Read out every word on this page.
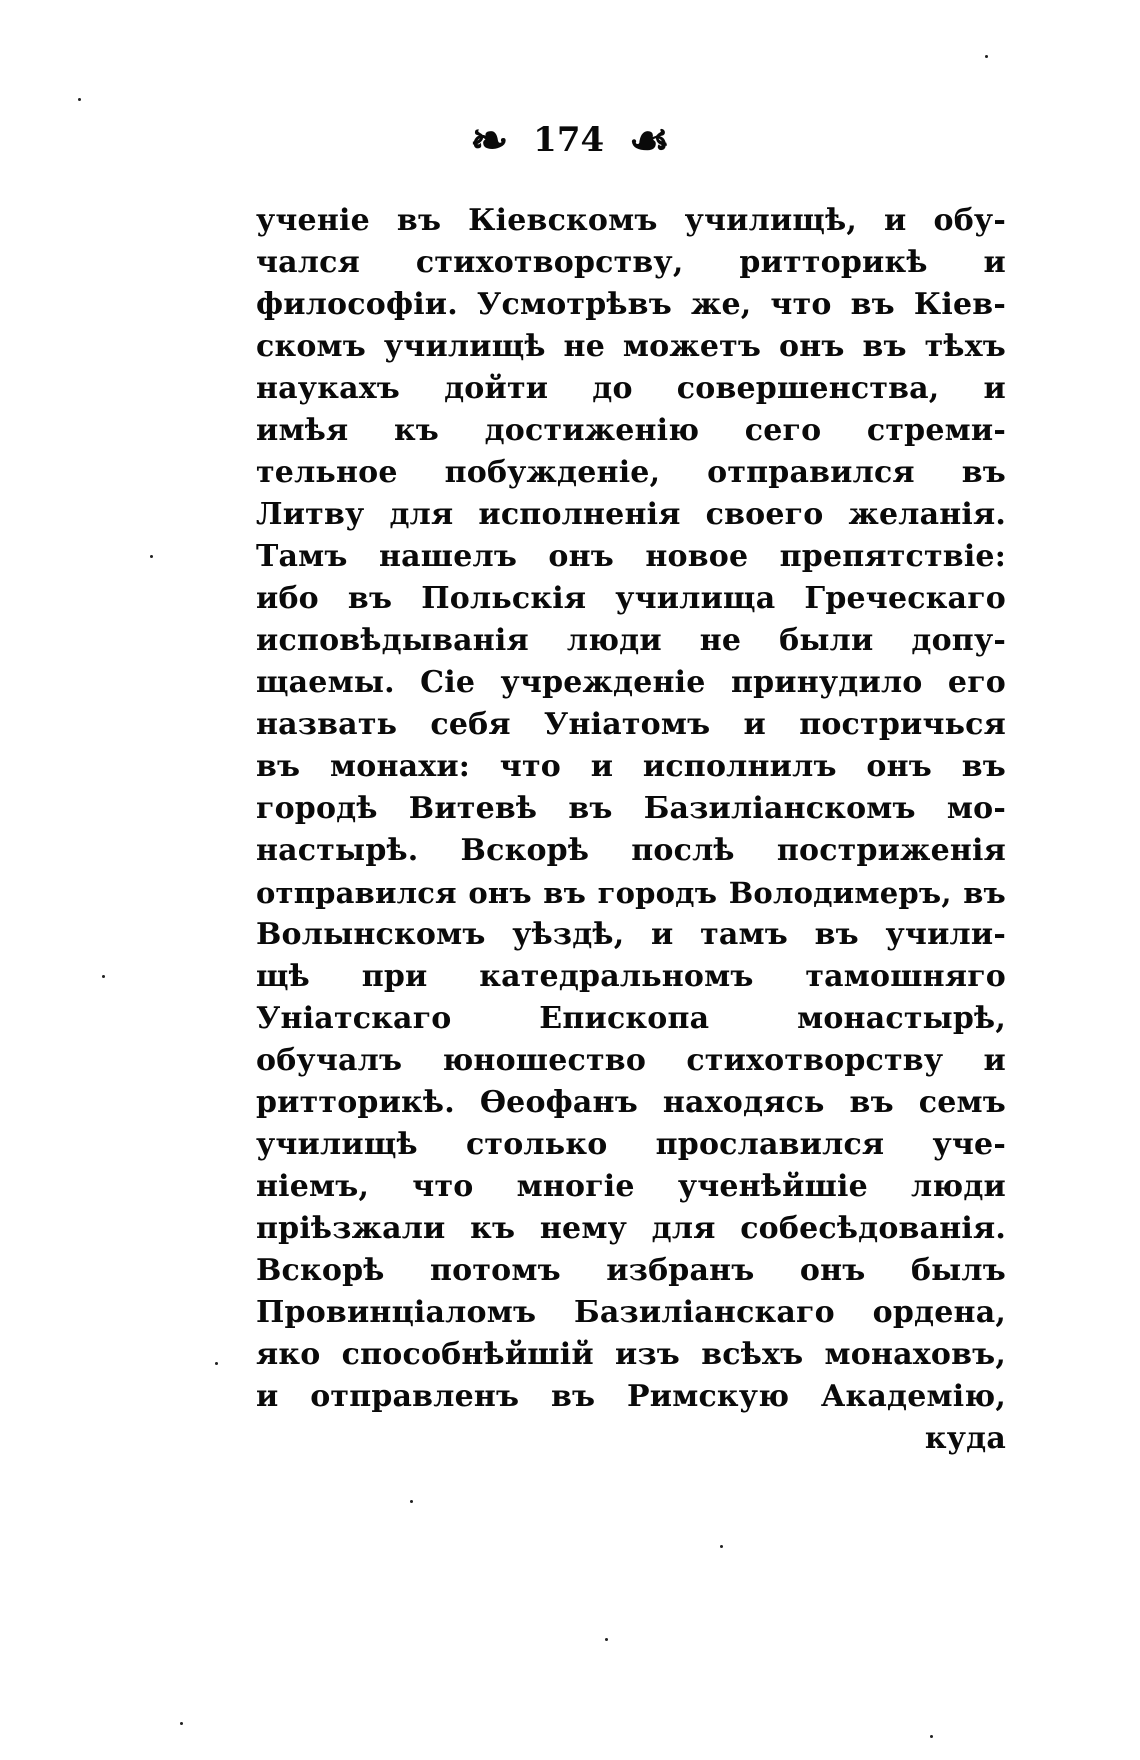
❧ 174 ☙
ученіе въ Кіевскомъ училищѣ, и обу-
чался стихотворству, ритторикѣ и
философіи. Усмотрѣвъ же, что въ Кіев-
скомъ училищѣ не можетъ онъ въ тѣхъ
наукахъ дойти до совершенства, и
имѣя къ достиженію сего стреми-
тельное побужденіе, отправился въ
Литву для исполненія своего желанія.
Тамъ нашелъ онъ новое препятствіе:
ибо въ Польскія училища Греческаго
исповѣдыванія люди не были допу-
щаемы. Сіе учрежденіе принудило его
назвать себя Уніатомъ и постричься
въ монахи: что и исполнилъ онъ въ
городѣ Витевѣ въ Базиліанскомъ мо-
настырѣ. Вскорѣ послѣ постриженія
отправился онъ въ городъ Володимеръ, въ
Волынскомъ уѣздѣ, и тамъ въ учили-
щѣ при катедральномъ тамошняго
Уніатскаго Епископа монастырѣ,
обучалъ юношество стихотворству и
ритторикѣ. Ѳеофанъ находясь въ семъ
училищѣ столько прославился уче-
ніемъ, что многіе ученѣйшіе люди
пріѣзжали къ нему для собесѣдованія.
Вскорѣ потомъ избранъ онъ былъ
Провинціаломъ Базиліанскаго ордена,
яко способнѣйшій изъ всѣхъ монаховъ,
и отправленъ въ Римскую Академію,
куда
